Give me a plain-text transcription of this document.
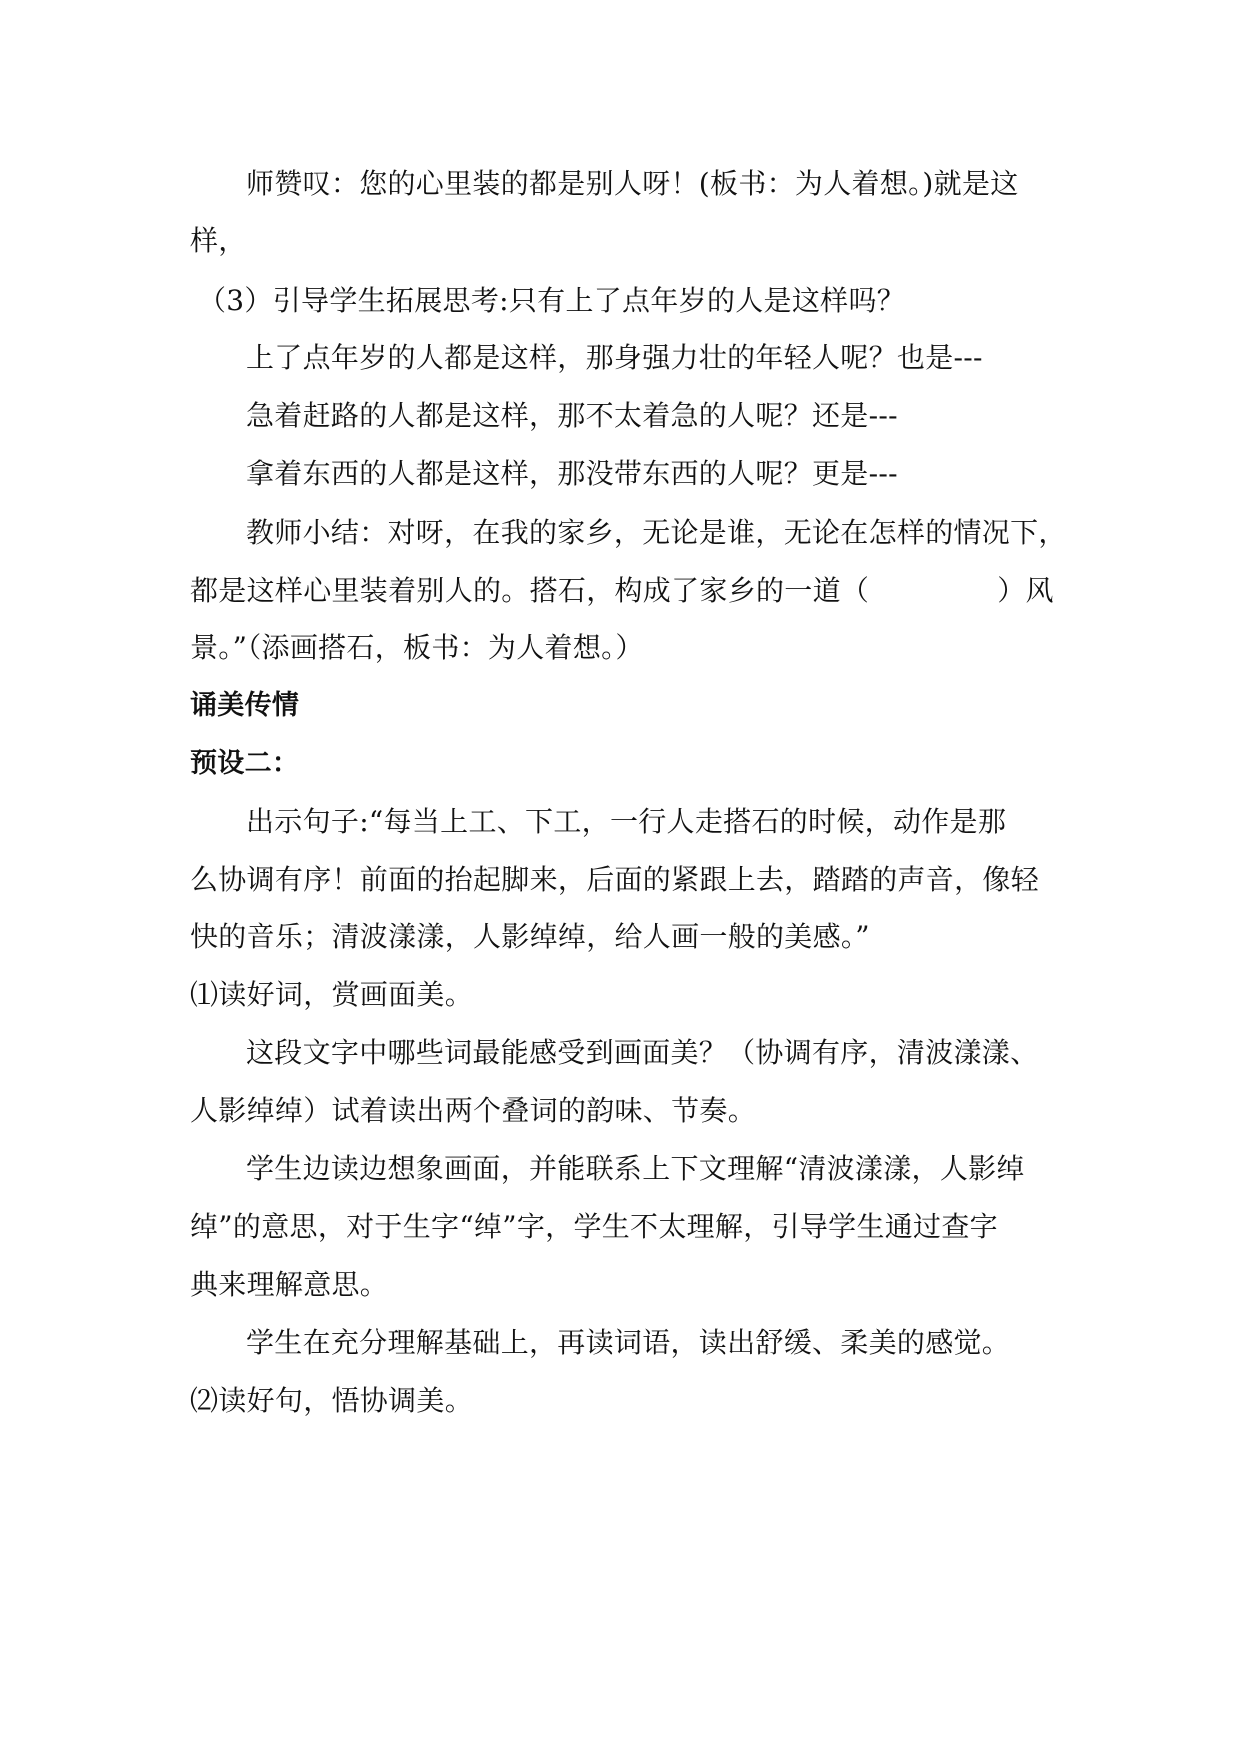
师赞叹：您的心里装的都是别人呀！(板书：为人着想。)就是这
样，
（3）引导学生拓展思考:只有上了点年岁的人是这样吗？
上了点年岁的人都是这样，那身强力壮的年轻人呢？也是---
急着赶路的人都是这样，那不太着急的人呢？还是---
拿着东西的人都是这样，那没带东西的人呢？更是---
教师小结：对呀，在我的家乡，无论是谁，无论在怎样的情况下，
都是这样心里装着别人的。搭石，构成了家乡的一道（	）风
景。”（添画搭石，板书：为人着想。）
诵美传情
预设二：
出示句子:“每当上工、下工，一行人走搭石的时候，动作是那
么协调有序！前面的抬起脚来，后面的紧跟上去，踏踏的声音，像轻
快的音乐；清波漾漾，人影绰绰，给人画一般的美感。”
⑴读好词，赏画面美。
这段文字中哪些词最能感受到画面美？（协调有序，清波漾漾、
人影绰绰）试着读出两个叠词的韵味、节奏。
学生边读边想象画面，并能联系上下文理解“清波漾漾，人影绰
绰”的意思，对于生字“绰”字，学生不太理解，引导学生通过查字
典来理解意思。
学生在充分理解基础上，再读词语，读出舒缓、柔美的感觉。
⑵读好句，悟协调美。
